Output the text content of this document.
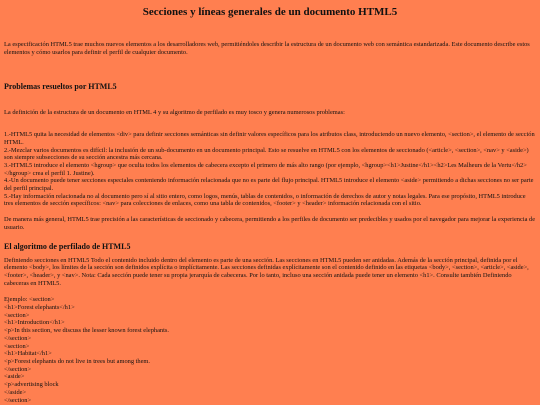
Secciones y líneas generales de un documento HTML5

La especificación HTML5 trae muchos nuevos elementos a los desarrolladores web, permitiéndoles describir la estructura de un documento web con semántica estandarizada. Este documento describe estos elementos y cómo usarlos para definir el perfil de cualquier documento.

Problemas resueltos por HTML5

La definición de la estructura de un documento en HTML 4 y su algoritmo de perfilado es muy tosco y genera numerosos problemas:

1.-HTML5 quita la necesidad de elementos <div> para definir secciones semánticas sin definir valores específicos para los atributos class, introduciendo un nuevo elemento, <section>, el elemento de sección HTML.

2.-Mezclar varios documentos es difícil: la inclusión de un sub-documento en un documento principal. Esto se resuelve en HTML5 con los elementos de seccionado (<article>, <section>, <nav> y <aside>) son siempre subsecciones de su sección ancestra más cercana.

3.-HTML5 introduce el elemento <hgroup> que oculta todos los elementos de cabecera excepto el primero de más alto rango (por ejemplo, <hgroup><h1>Justine</h1><h2>Les Malheurs de la Vertu</h2></hgroup> crea el perfil 1. Justine).

4.-Un documento puede tener secciones especiales conteniendo información relacionada que no es parte del flujo principal. HTML5 introduce el elemento <aside> permitiendo a dichas secciones no ser parte del perfil principal.

5.-Hay información relacionada no al documento pero sí al sitio entero, como logos, menús, tablas de contenidos, o información de derechos de autor y notas legales. Para ese propósito, HTML5 introduce tres elementos de sección específicos: <nav> para colecciones de enlaces, como una tabla de contenidos, <footer> y <header> información relacionada con el sitio.

De manera más general, HTML5 trae precisión a las características de seccionado y cabecera, permitiendo a los perfiles de documento ser predecibles y usados por el navegador para mejorar la experiencia de usuario.

El algoritmo de perfilado de HTML5

Definiendo secciones en HTML5 Todo el contenido incluido dentro del elemento es parte de una sección. Las secciones en HTML5 pueden ser anidadas. Además de la sección principal, definida por el elemento <body>, los límites de la sección son definidos explícita o implícitamente. Las secciones definidas explícitamente son el contenido definido en las etiquetas <body>, <section>, <article>, <aside>, <footer>, <header>, y <nav>. Nota: Cada sección puede tener su propia jerarquía de cabeceras. Por lo tanto, incluso una sección anidada puede tener un elemento <h1>. Consulte también Definiendo cabeceras en HTML5.

Ejemplo: <section>

<h1>Forest elephants</h1>

<section>

<h1>Introduction</h1>

<p>In this section, we discuss the lesser known forest elephants.

</section>

<section>

<h1>Habitat</h1>

<p>Forest elephants do not live in trees but among them.

</section>

<aside>

<p>advertising block

</aside>

</section>
